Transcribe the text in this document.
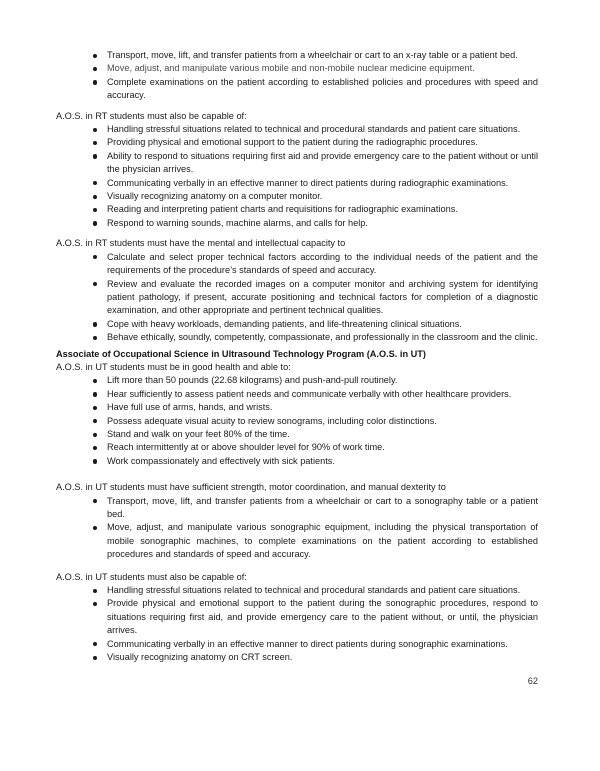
Transport, move, lift, and transfer patients from a wheelchair or cart to an x-ray table or a patient bed.
Move, adjust, and manipulate various mobile and non-mobile nuclear medicine equipment.
Complete examinations on the patient according to established policies and procedures with speed and accuracy.

A.O.S. in RT students must also be capable of:

Handling stressful situations related to technical and procedural standards and patient care situations.
Providing physical and emotional support to the patient during the radiographic procedures.
Ability to respond to situations requiring first aid and provide emergency care to the patient without or until the physician arrives.
Communicating verbally in an effective manner to direct patients during radiographic examinations.
Visually recognizing anatomy on a computer monitor.
Reading and interpreting patient charts and requisitions for radiographic examinations.
Respond to warning sounds, machine alarms, and calls for help.

A.O.S. in RT students must have the mental and intellectual capacity to

Calculate and select proper technical factors according to the individual needs of the patient and the requirements of the procedure’s standards of speed and accuracy.
Review and evaluate the recorded images on a computer monitor and archiving system for identifying patient pathology, if present, accurate positioning and technical factors for completion of a diagnostic examination, and other appropriate and pertinent technical qualities.
Cope with heavy workloads, demanding patients, and life-threatening clinical situations.
Behave ethically, soundly, competently, compassionate, and professionally in the classroom and the clinic.
Associate of Occupational Science in Ultrasound Technology Program (A.O.S. in UT)

A.O.S. in UT students must be in good health and able to:

Lift more than 50 pounds (22.68 kilograms) and push-and-pull routinely.
Hear sufficiently to assess patient needs and communicate verbally with other healthcare providers.
Have full use of arms, hands, and wrists.
Possess adequate visual acuity to review sonograms, including color distinctions.
Stand and walk on your feet 80% of the time.
Reach intermittently at or above shoulder level for 90% of work time.
Work compassionately and effectively with sick patients.

A.O.S. in UT students must have sufficient strength, motor coordination, and manual dexterity to

Transport, move, lift, and transfer patients from a wheelchair or cart to a sonography table or a patient bed.
Move, adjust, and manipulate various sonographic equipment, including the physical transportation of mobile sonographic machines, to complete examinations on the patient according to established procedures and standards of speed and accuracy.

A.O.S. in UT students must also be capable of:

Handling stressful situations related to technical and procedural standards and patient care situations.
Provide physical and emotional support to the patient during the sonographic procedures, respond to situations requiring first aid, and provide emergency care to the patient without, or until, the physician arrives.
Communicating verbally in an effective manner to direct patients during sonographic examinations.
Visually recognizing anatomy on CRT screen.
62
